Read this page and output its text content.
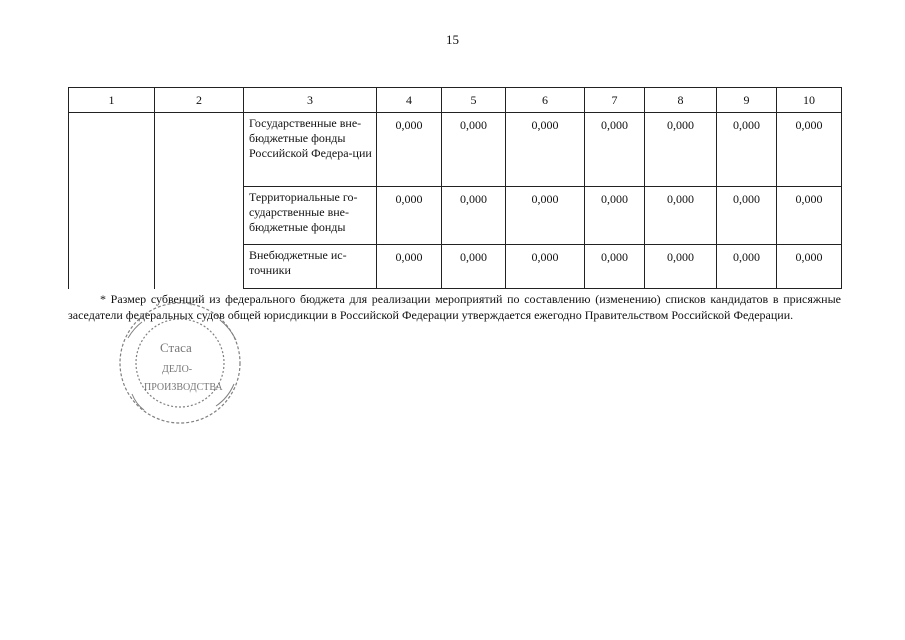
15
1	2	3	4	5	6	7	8	9	10
		Государственные вне-бюджетные фонды Российской Федера-ции	0,000	0,000	0,000	0,000	0,000	0,000	0,000
		Территориальные го-сударственные вне-бюджетные фонды	0,000	0,000	0,000	0,000	0,000	0,000	0,000
		Внебюджетные ис-точники	0,000	0,000	0,000	0,000	0,000	0,000	0,000
* Размер субвенций из федерального бюджета для реализации мероприятий по составлению (изменению) списков кандидатов в присяжные заседатели федеральных судов общей юрисдикции в Российской Федерации утверждается ежегодно Правительством Российской Федерации.
Стаса
ДЕЛО-
ПРОИЗВОДСТВА
